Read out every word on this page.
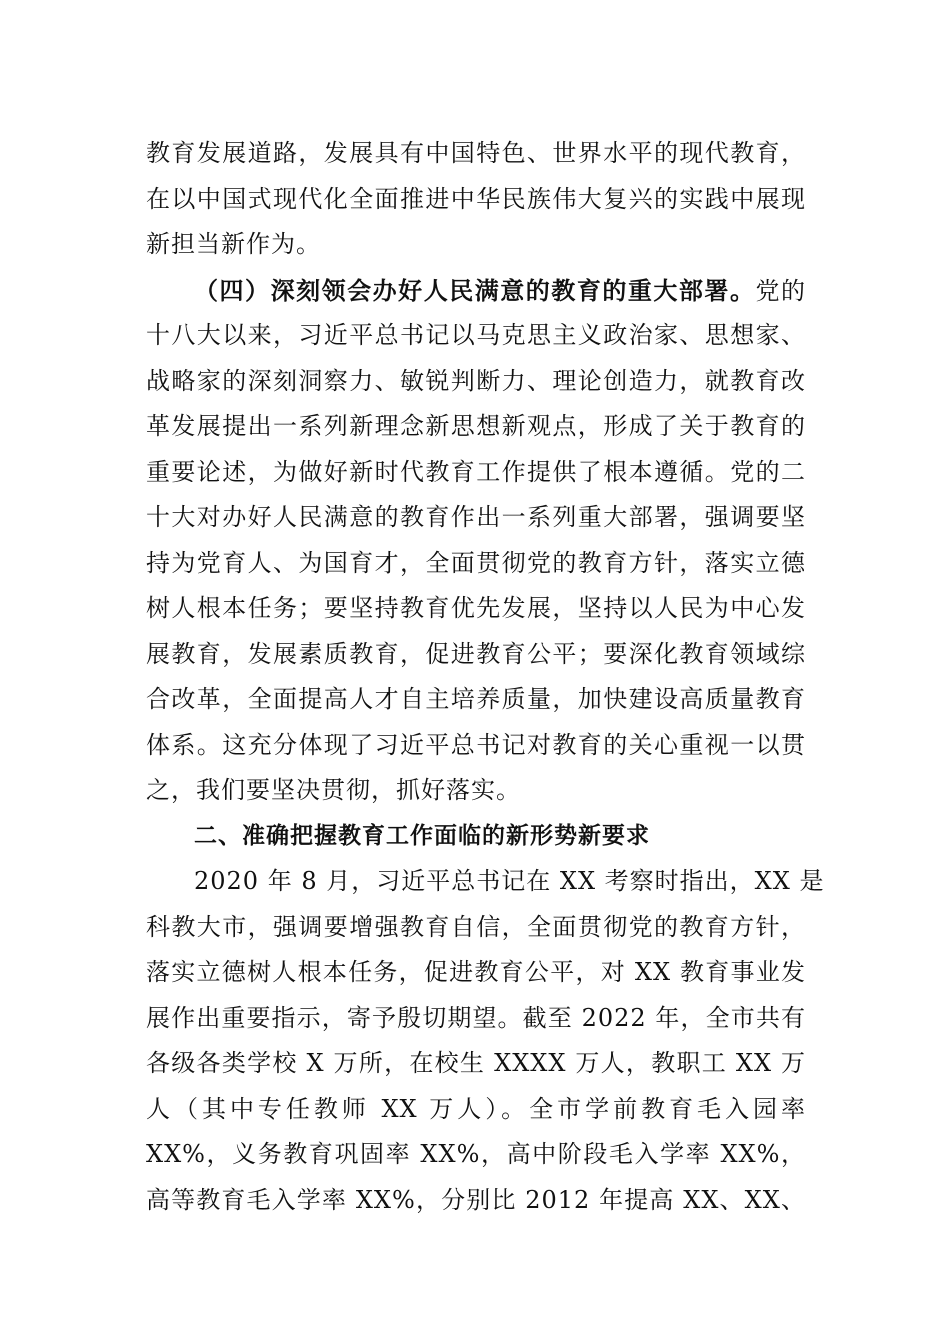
教育发展道路，发展具有中国特色、世界水平的现代教育，
在以中国式现代化全面推进中华民族伟大复兴的实践中展现
新担当新作为。
（四）深刻领会办好人民满意的教育的重大部署。党的
十八大以来，习近平总书记以马克思主义政治家、思想家、
战略家的深刻洞察力、敏锐判断力、理论创造力，就教育改
革发展提出一系列新理念新思想新观点，形成了关于教育的
重要论述，为做好新时代教育工作提供了根本遵循。党的二
十大对办好人民满意的教育作出一系列重大部署，强调要坚
持为党育人、为国育才，全面贯彻党的教育方针，落实立德
树人根本任务；要坚持教育优先发展，坚持以人民为中心发
展教育，发展素质教育，促进教育公平；要深化教育领域综
合改革，全面提高人才自主培养质量，加快建设高质量教育
体系。这充分体现了习近平总书记对教育的关心重视一以贯
之，我们要坚决贯彻，抓好落实。
二、准确把握教育工作面临的新形势新要求
2020 年 8 月，习近平总书记在 XX 考察时指出，XX 是
科教大市，强调要增强教育自信，全面贯彻党的教育方针，
落实立德树人根本任务，促进教育公平，对 XX 教育事业发
展作出重要指示，寄予殷切期望。截至 2022 年，全市共有
各级各类学校 X 万所，在校生 XXXX 万人，教职工 XX 万
人（其中专任教师 XX 万人）。全市学前教育毛入园率
XX%，义务教育巩固率 XX%，高中阶段毛入学率 XX%，
高等教育毛入学率 XX%，分别比 2012 年提高 XX、XX、
